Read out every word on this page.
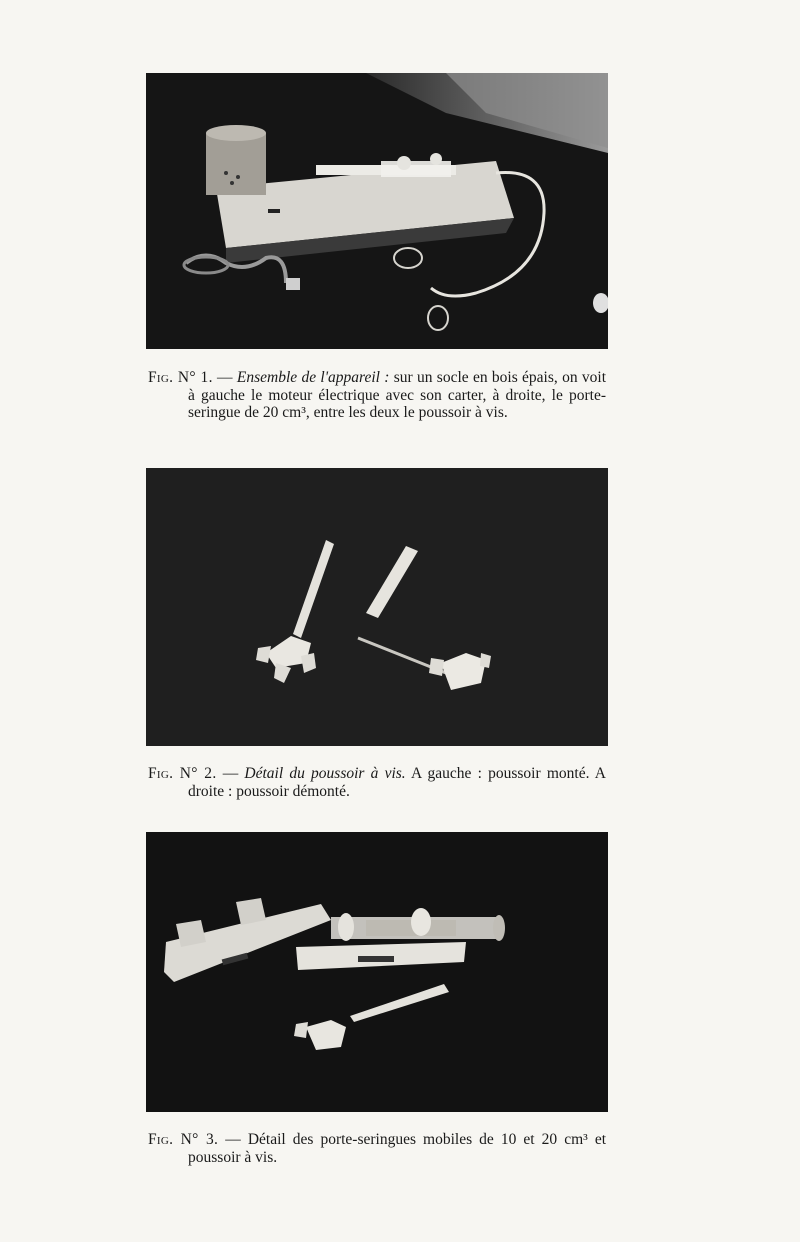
Fig. N° 1. — Ensemble de l'appareil : sur un socle en bois épais, on voit à gauche le moteur électrique avec son carter, à droite, le porte-seringue de 20 cm³, entre les deux le poussoir à vis.

Fig. N° 2. — Détail du poussoir à vis. A gauche : poussoir monté. A droite : poussoir démonté.

Fig. N° 3. — Détail des porte-seringues mobiles de 10 et 20 cm³ et poussoir à vis.
